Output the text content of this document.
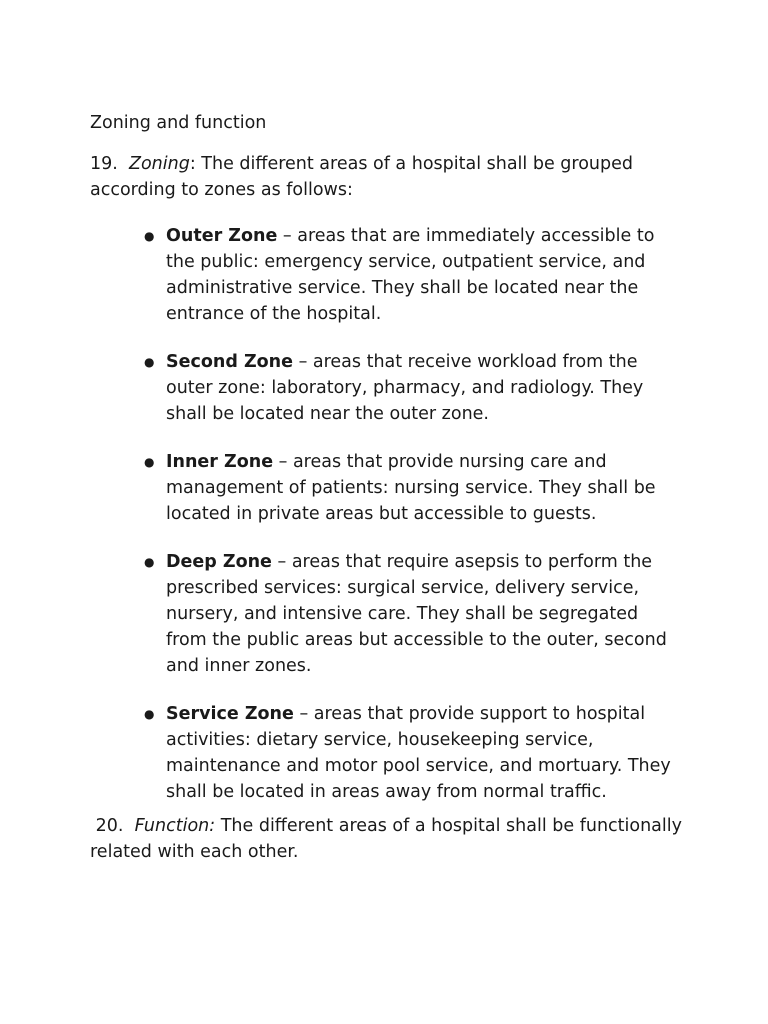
Zoning and function

19. Zoning: The different areas of a hospital shall be grouped according to zones as follows:

● Outer Zone – areas that are immediately accessible to the public: emergency service, outpatient service, and administrative service. They shall be located near the entrance of the hospital.
● Second Zone – areas that receive workload from the outer zone: laboratory, pharmacy, and radiology. They shall be located near the outer zone.
● Inner Zone – areas that provide nursing care and management of patients: nursing service. They shall be located in private areas but accessible to guests.
● Deep Zone – areas that require asepsis to perform the prescribed services: surgical service, delivery service, nursery, and intensive care. They shall be segregated from the public areas but accessible to the outer, second and inner zones.
● Service Zone – areas that provide support to hospital activities: dietary service, housekeeping service, maintenance and motor pool service, and mortuary. They shall be located in areas away from normal traffic.

20. Function: The different areas of a hospital shall be functionally related with each other.
